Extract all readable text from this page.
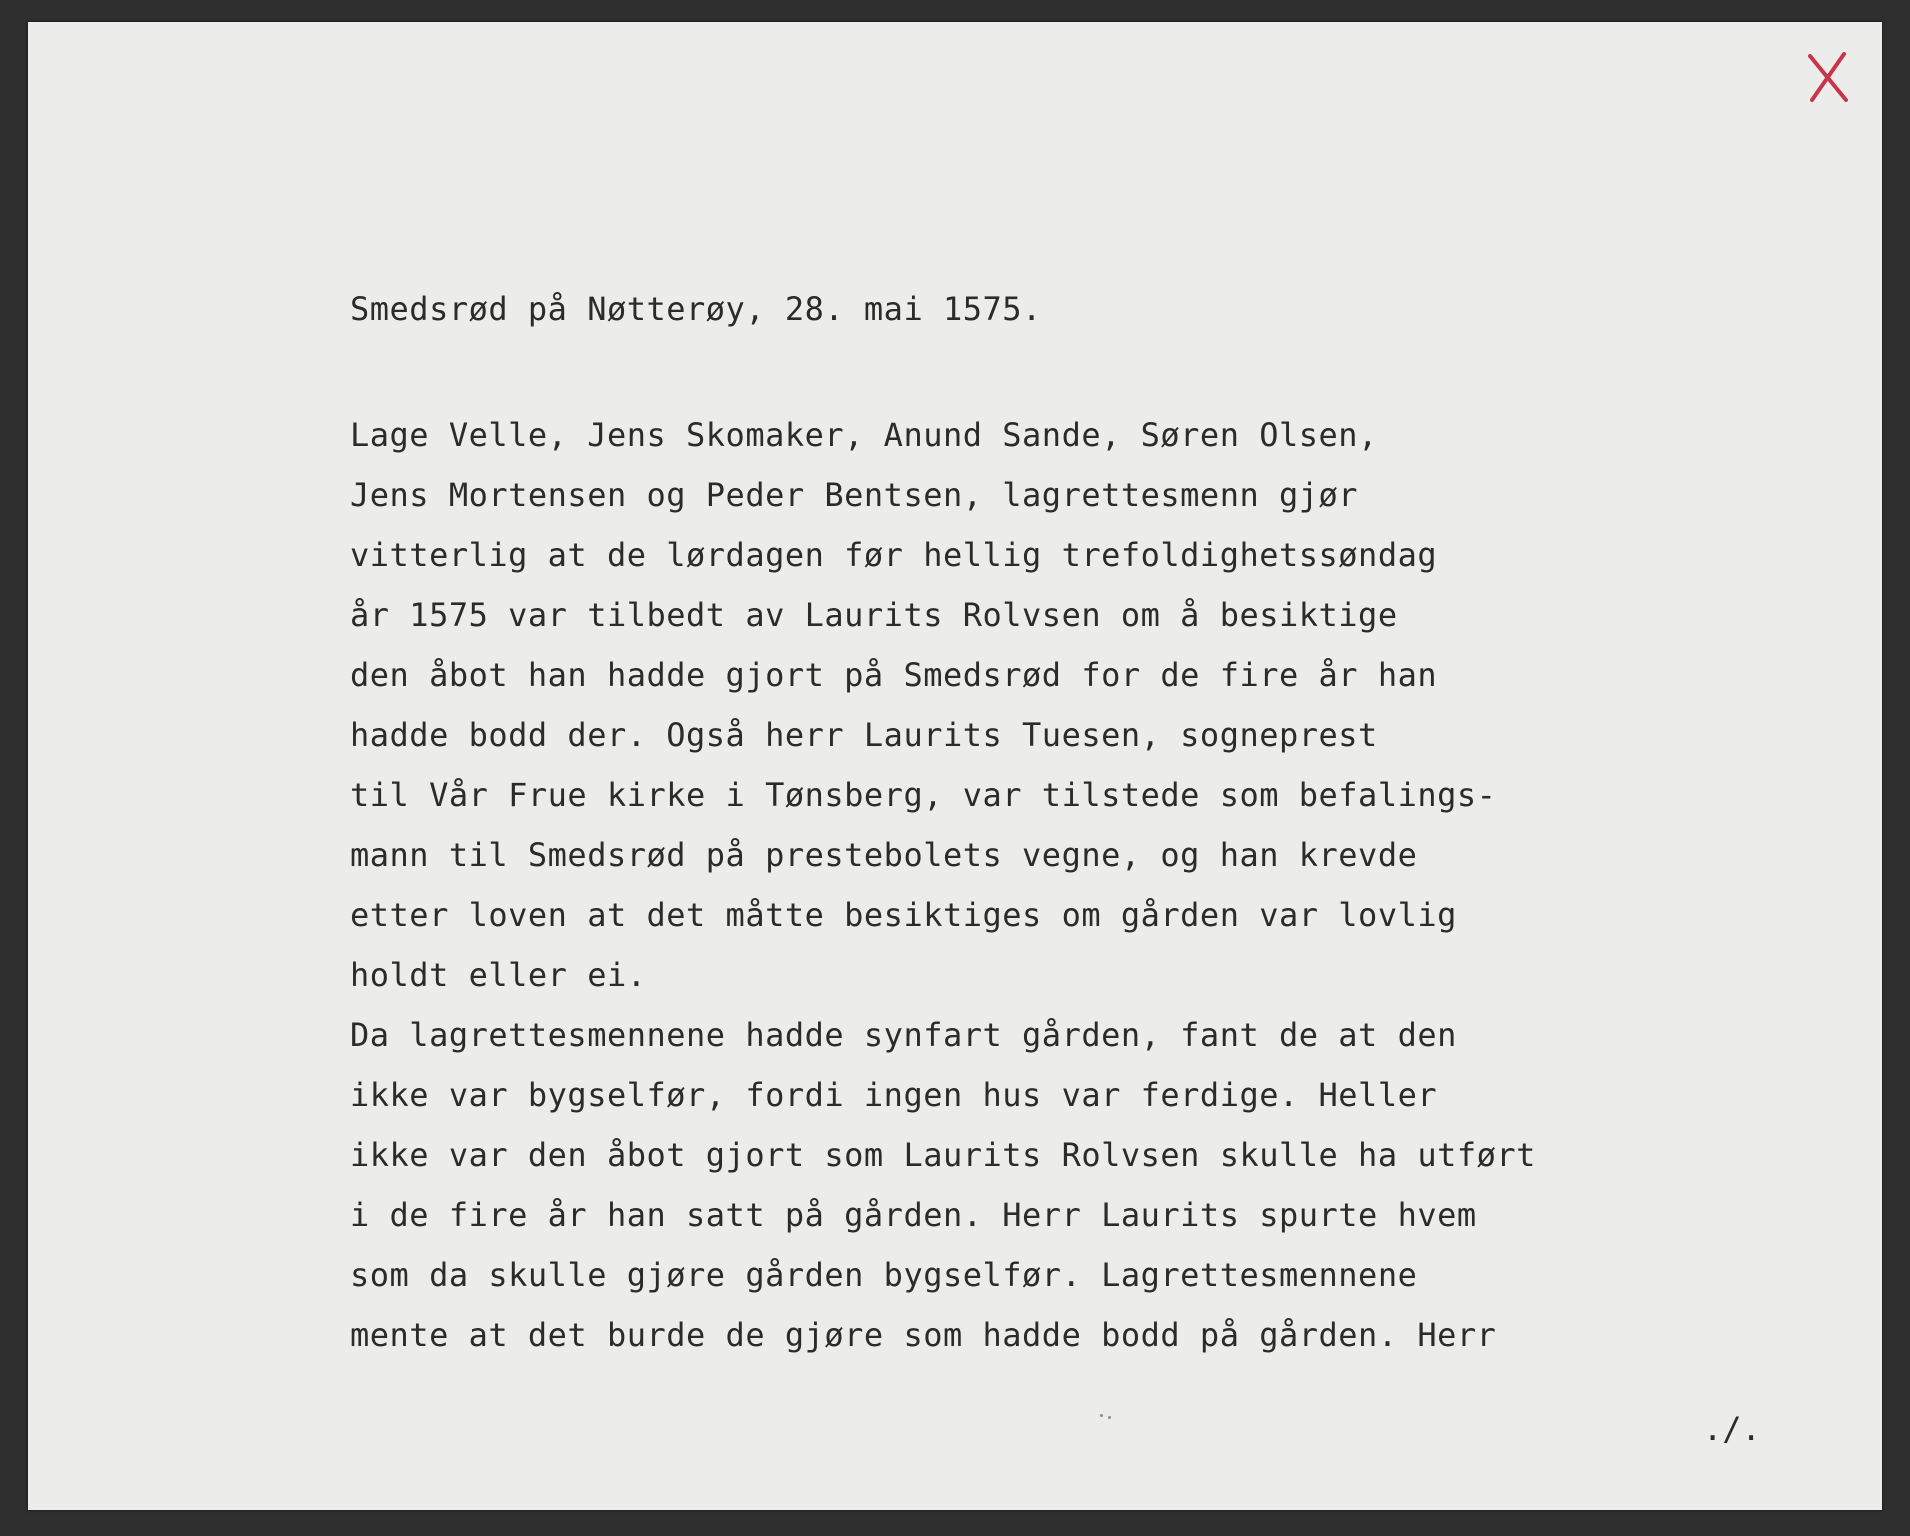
Smedsrød på Nøtterøy, 28. mai 1575.
Lage Velle, Jens Skomaker, Anund Sande, Søren Olsen,
Jens Mortensen og Peder Bentsen, lagrettesmenn gjør
vitterlig at de lørdagen før hellig trefoldighetssøndag
år 1575 var tilbedt av Laurits Rolvsen om å besiktige
den åbot han hadde gjort på Smedsrød for de fire år han
hadde bodd der. Også herr Laurits Tuesen, sogneprest
til Vår Frue kirke i Tønsberg, var tilstede som befalings-
mann til Smedsrød på prestebolets vegne, og han krevde
etter loven at det måtte besiktiges om gården var lovlig
holdt eller ei.
Da lagrettesmennene hadde synfart gården, fant de at den
ikke var bygselfør, fordi ingen hus var ferdige. Heller
ikke var den åbot gjort som Laurits Rolvsen skulle ha utført
i de fire år han satt på gården. Herr Laurits spurte hvem
som da skulle gjøre gården bygselfør. Lagrettesmennene
mente at det burde de gjøre som hadde bodd på gården. Herr
./.
